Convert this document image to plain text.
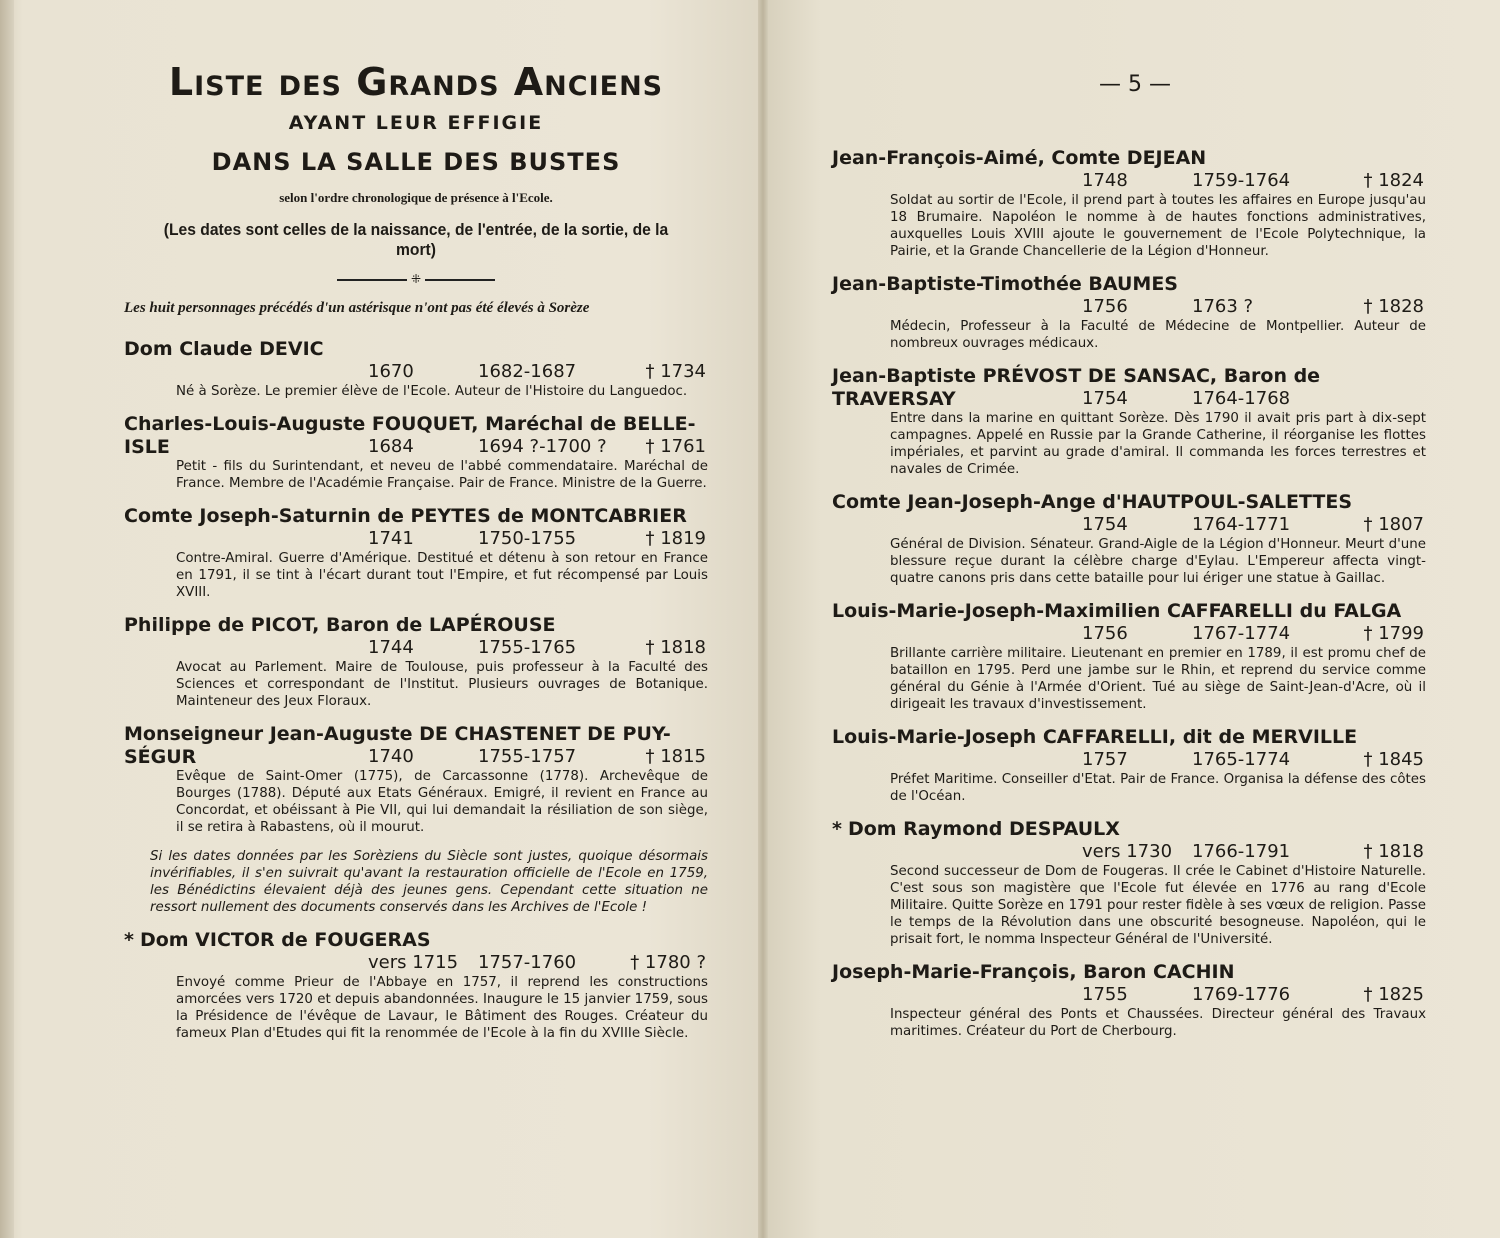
Liste des Grands Anciens
AYANT LEUR EFFIGIE
DANS LA SALLE DES BUSTES
selon l'ordre chronologique de présence à l'Ecole.
(Les dates sont celles de la naissance, de l'entrée, de la sortie, de la mort)
⁜
Les huit personnages précédés d'un astérisque n'ont pas été élevés à Sorèze
Dom Claude DEVIC
1670	1682-1687	† 1734
Né à Sorèze. Le premier élève de l'Ecole. Auteur de l'Histoire du Languedoc.
Charles-Louis-Auguste FOUQUET, Maréchal de BELLE-
ISLE	1684	1694 ?-1700 ?	† 1761
Petit - fils du Surintendant, et neveu de l'abbé commendataire. Maréchal de France. Membre de l'Académie Française. Pair de France. Ministre de la Guerre.
Comte Joseph-Saturnin de PEYTES de MONTCABRIER
1741	1750-1755	† 1819
Contre-Amiral. Guerre d'Amérique. Destitué et détenu à son retour en France en 1791, il se tint à l'écart durant tout l'Empire, et fut récompensé par Louis XVIII.
Philippe de PICOT, Baron de LAPÉROUSE
1744	1755-1765	† 1818
Avocat au Parlement. Maire de Toulouse, puis professeur à la Faculté des Sciences et correspondant de l'Institut. Plusieurs ouvrages de Botanique. Mainteneur des Jeux Floraux.
Monseigneur Jean-Auguste DE CHASTENET DE PUY-
SÉGUR	1740	1755-1757	† 1815
Evêque de Saint-Omer (1775), de Carcassonne (1778). Archevêque de Bourges (1788). Député aux Etats Généraux. Emigré, il revient en France au Concordat, et obéissant à Pie VII, qui lui demandait la résiliation de son siège, il se retira à Rabastens, où il mourut.
Si les dates données par les Sorèziens du Siècle sont justes, quoique désormais invérifiables, il s'en suivrait qu'avant la restauration officielle de l'Ecole en 1759, les Bénédictins élevaient déjà des jeunes gens. Cependant cette situation ne ressort nullement des documents conservés dans les Archives de l'Ecole !
* Dom VICTOR de FOUGERAS
vers 1715	1757-1760	† 1780 ?
Envoyé comme Prieur de l'Abbaye en 1757, il reprend les constructions amorcées vers 1720 et depuis abandonnées. Inaugure le 15 janvier 1759, sous la Présidence de l'évêque de Lavaur, le Bâtiment des Rouges. Créateur du fameux Plan d'Etudes qui fit la renommée de l'Ecole à la fin du XVIIIe Siècle.
— 5 —
Jean-François-Aimé, Comte DEJEAN
1748	1759-1764	† 1824
Soldat au sortir de l'Ecole, il prend part à toutes les affaires en Europe jusqu'au 18 Brumaire. Napoléon le nomme à de hautes fonctions administratives, auxquelles Louis XVIII ajoute le gouvernement de l'Ecole Polytechnique, la Pairie, et la Grande Chancellerie de la Légion d'Honneur.
Jean-Baptiste-Timothée BAUMES
1756	1763 ?	† 1828
Médecin, Professeur à la Faculté de Médecine de Montpellier. Auteur de nombreux ouvrages médicaux.
Jean-Baptiste PRÉVOST DE SANSAC, Baron de
TRAVERSAY	1754	1764-1768
Entre dans la marine en quittant Sorèze. Dès 1790 il avait pris part à dix-sept campagnes. Appelé en Russie par la Grande Catherine, il réorganise les flottes impériales, et parvint au grade d'amiral. Il commanda les forces terrestres et navales de Crimée.
Comte Jean-Joseph-Ange d'HAUTPOUL-SALETTES
1754	1764-1771	† 1807
Général de Division. Sénateur. Grand-Aigle de la Légion d'Honneur. Meurt d'une blessure reçue durant la célèbre charge d'Eylau. L'Empereur affecta vingt-quatre canons pris dans cette bataille pour lui ériger une statue à Gaillac.
Louis-Marie-Joseph-Maximilien CAFFARELLI du FALGA
1756	1767-1774	† 1799
Brillante carrière militaire. Lieutenant en premier en 1789, il est promu chef de bataillon en 1795. Perd une jambe sur le Rhin, et reprend du service comme général du Génie à l'Armée d'Orient. Tué au siège de Saint-Jean-d'Acre, où il dirigeait les travaux d'investissement.
Louis-Marie-Joseph CAFFARELLI, dit de MERVILLE
1757	1765-1774	† 1845
Préfet Maritime. Conseiller d'Etat. Pair de France. Organisa la défense des côtes de l'Océan.
* Dom Raymond DESPAULX
vers 1730	1766-1791	† 1818
Second successeur de Dom de Fougeras. Il crée le Cabinet d'Histoire Naturelle. C'est sous son magistère que l'Ecole fut élevée en 1776 au rang d'Ecole Militaire. Quitte Sorèze en 1791 pour rester fidèle à ses vœux de religion. Passe le temps de la Révolution dans une obscurité besogneuse. Napoléon, qui le prisait fort, le nomma Inspecteur Général de l'Université.
Joseph-Marie-François, Baron CACHIN
1755	1769-1776	† 1825
Inspecteur général des Ponts et Chaussées. Directeur général des Travaux maritimes. Créateur du Port de Cherbourg.
